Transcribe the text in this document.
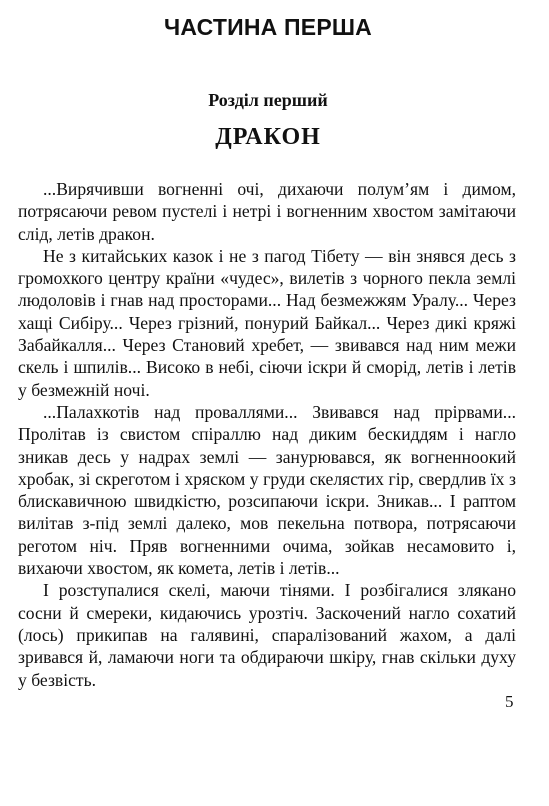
ЧАСТИНА ПЕРША
Розділ перший
ДРАКОН

...Вирячивши вогненні очі, дихаючи полум’ям і димом, потрясаючи ревом пустелі і нетрі і вогненним хвостом замітаючи слід, летів дракон.

Не з китайських казок і не з пагод Тібету — він знявся десь з громохкого центру країни «чудес», вилетів з чорного пекла землі людоловів і гнав над просторами... Над безмежжям Уралу... Через хащі Сибіру... Через грізний, понурий Байкал... Через дикі кряжі Забайкалля... Через Становий хребет, — звивався над ним межи скель і шпилів... Високо в небі, сіючи іскри й сморід, летів і летів у безмежній ночі.

...Палахкотів над проваллями... Звивався над прірвами... Пролітав із свистом спіраллю над диким бескиддям і нагло зникав десь у надрах землі — занурювався, як вогненноокий хробак, зі скреготом і хряском у груди скелястих гір, свердлив їх з блискавичною швидкістю, розсипаючи іскри. Зникав... І раптом вилітав з-під землі далеко, мов пекельна потвора, потрясаючи реготом ніч. Пряв вогненними очима, зойкав несамовито і, вихаючи хвостом, як комета, летів і летів...

І розступалися скелі, маючи тінями. І розбігалися зляканo сосни й смереки, кидаючись урозтіч. Заскочений нагло сохатий (лось) прикипав на галявині, спаралізований жахом, а далі зривався й, ламаючи ноги та обдираючи шкіру, гнав скільки духу у безвість.

5
